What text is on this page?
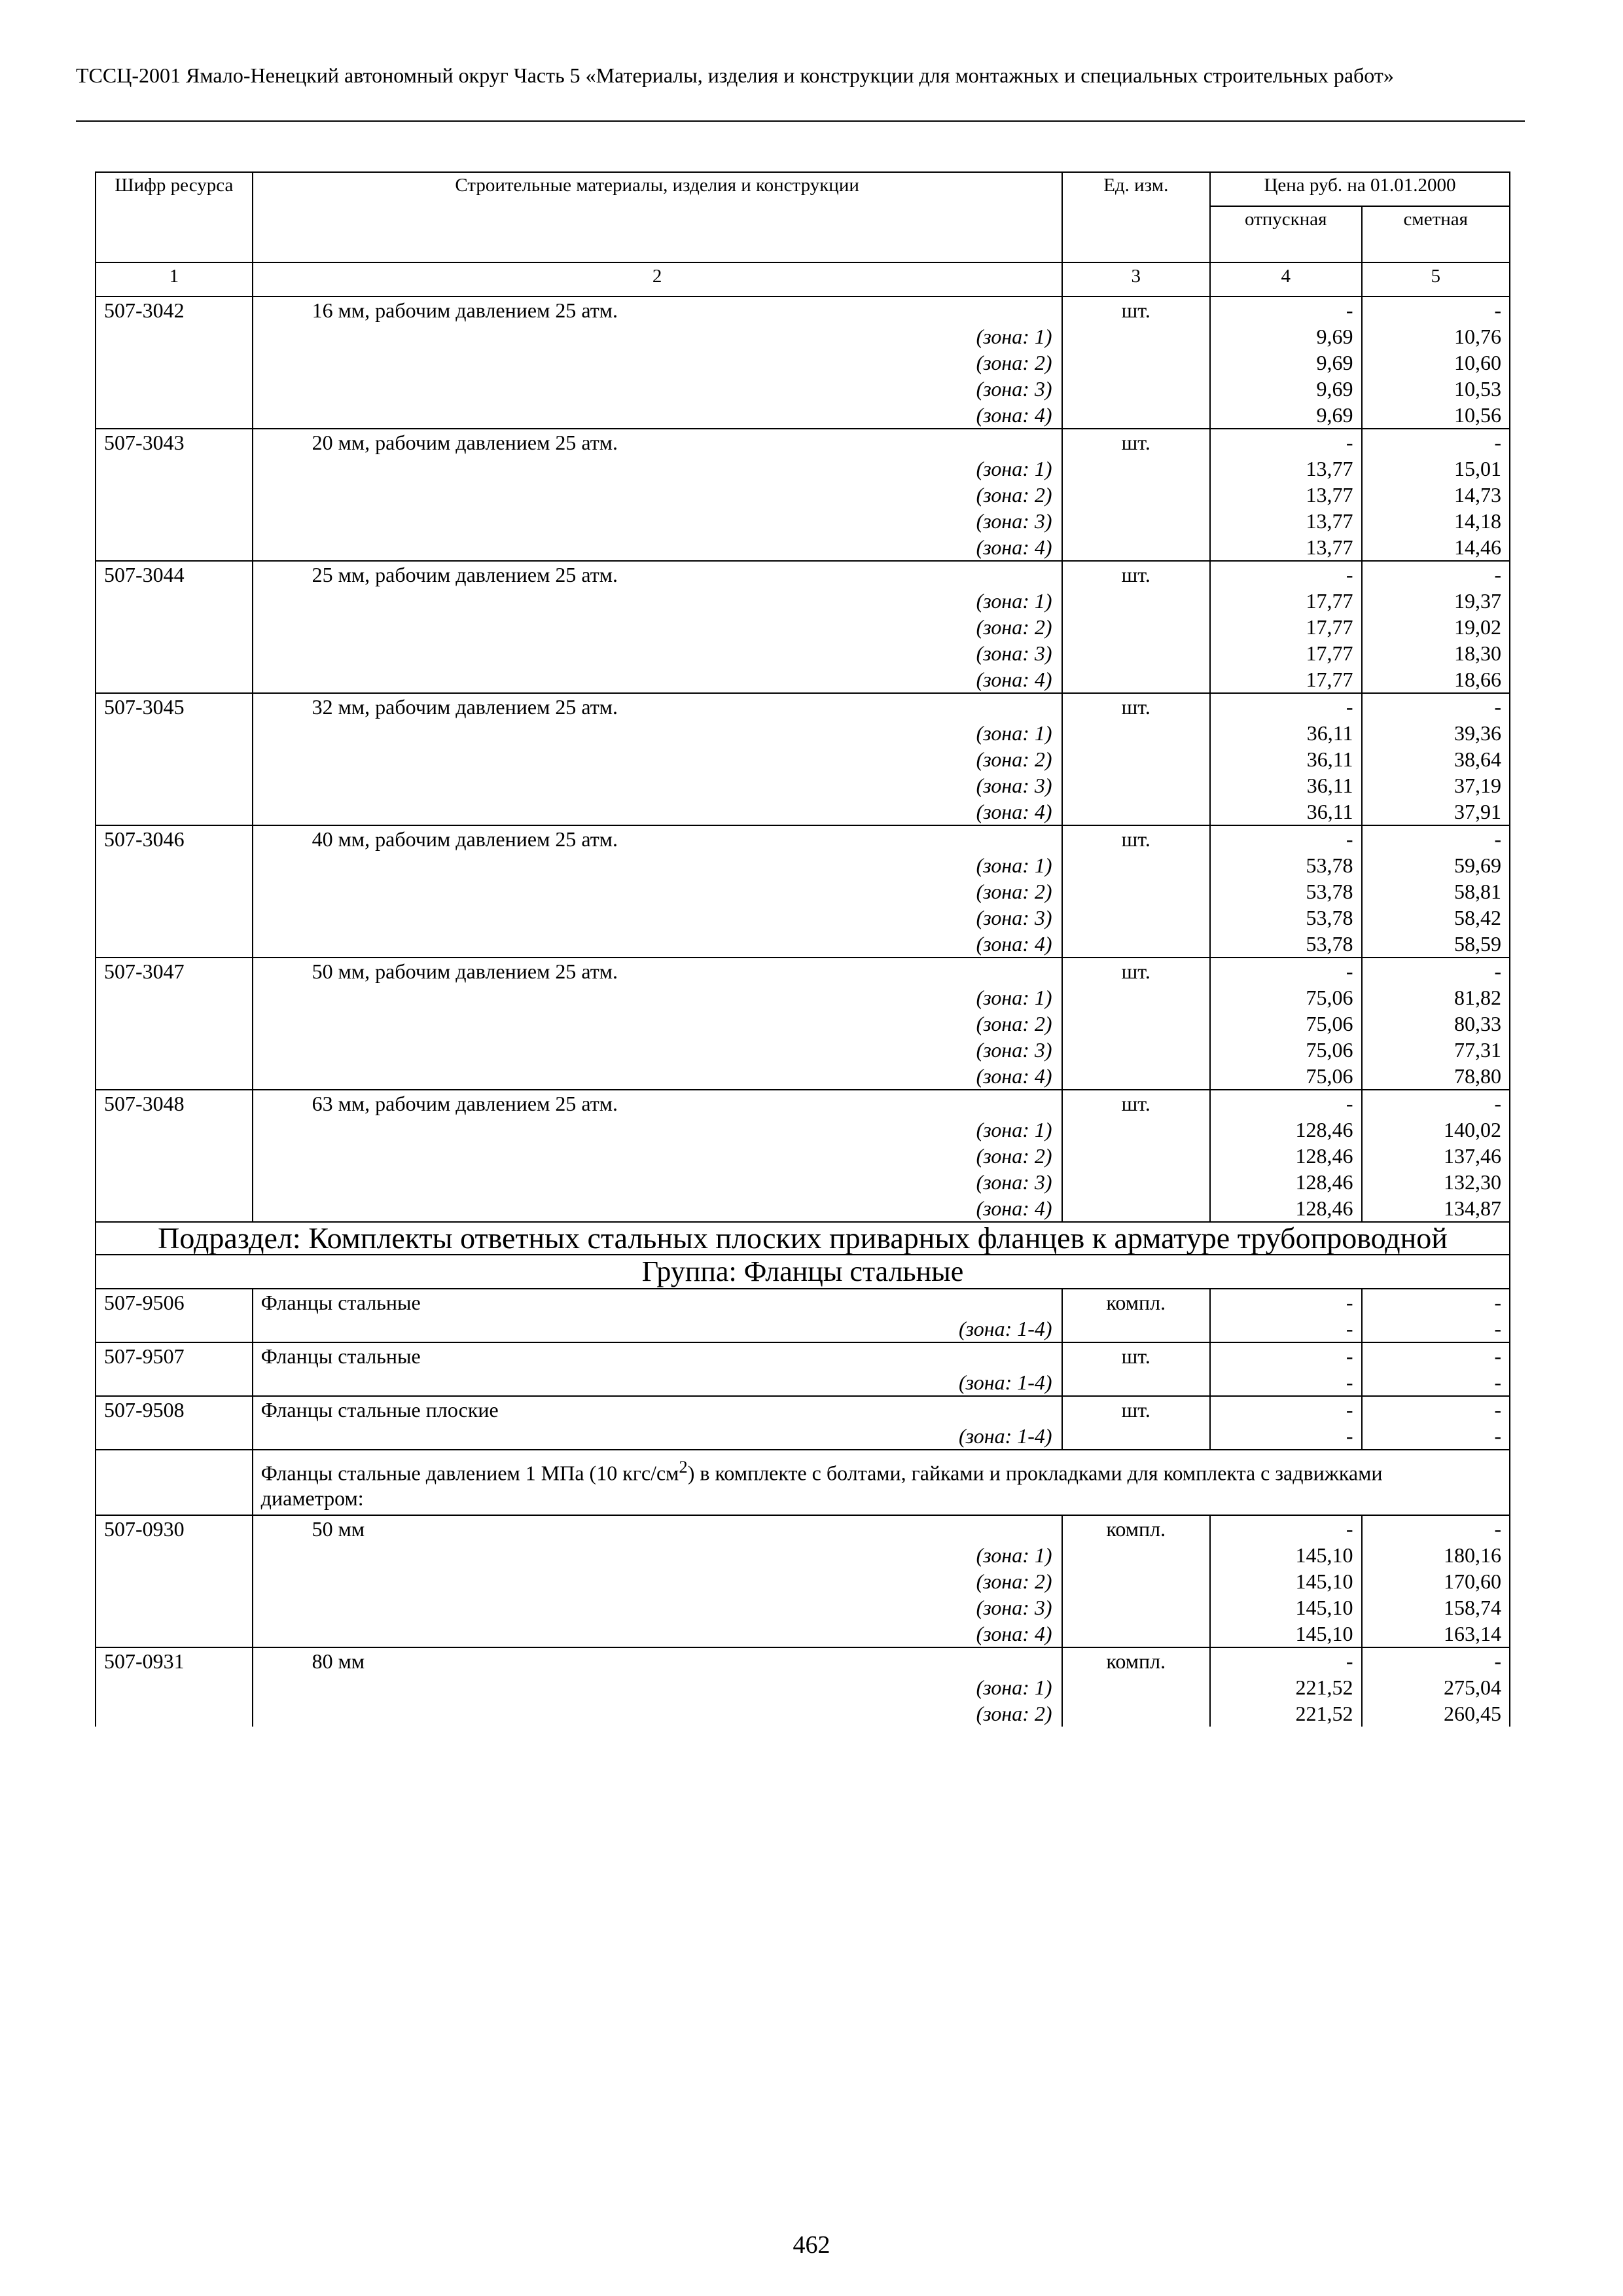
ТССЦ-2001 Ямало-Ненецкий автономный округ Часть 5 «Материалы, изделия и конструкции для монтажных и специальных строительных работ»
Шифр ресурса	Строительные материалы, изделия и конструкции	Ед. изм.	Цена руб. на 01.01.2000	
			отпускная	сметная
1	2	3	4	5
507-3042	16 мм, рабочим давлением 25 атм.	шт.	-	-
	(зона: 1)		9,69	10,76
	(зона: 2)		9,69	10,60
	(зона: 3)		9,69	10,53
	(зона: 4)		9,69	10,56
507-3043	20 мм, рабочим давлением 25 атм.	шт.	-	-
	(зона: 1)		13,77	15,01
	(зона: 2)		13,77	14,73
	(зона: 3)		13,77	14,18
	(зона: 4)		13,77	14,46
507-3044	25 мм, рабочим давлением 25 атм.	шт.	-	-
	(зона: 1)		17,77	19,37
	(зона: 2)		17,77	19,02
	(зона: 3)		17,77	18,30
	(зона: 4)		17,77	18,66
507-3045	32 мм, рабочим давлением 25 атм.	шт.	-	-
	(зона: 1)		36,11	39,36
	(зона: 2)		36,11	38,64
	(зона: 3)		36,11	37,19
	(зона: 4)		36,11	37,91
507-3046	40 мм, рабочим давлением 25 атм.	шт.	-	-
	(зона: 1)		53,78	59,69
	(зона: 2)		53,78	58,81
	(зона: 3)		53,78	58,42
	(зона: 4)		53,78	58,59
507-3047	50 мм, рабочим давлением 25 атм.	шт.	-	-
	(зона: 1)		75,06	81,82
	(зона: 2)		75,06	80,33
	(зона: 3)		75,06	77,31
	(зона: 4)		75,06	78,80
507-3048	63 мм, рабочим давлением 25 атм.	шт.	-	-
	(зона: 1)		128,46	140,02
	(зона: 2)		128,46	137,46
	(зона: 3)		128,46	132,30
	(зона: 4)		128,46	134,87
Подраздел: Комплекты ответных стальных плоских приварных фланцев к арматуре трубопроводной				
Группа: Фланцы стальные				
507-9506	Фланцы стальные	компл.	-	-
	(зона: 1-4)		-	-
507-9507	Фланцы стальные	шт.	-	-
	(зона: 1-4)		-	-
507-9508	Фланцы стальные плоские	шт.	-	-
	(зона: 1-4)		-	-
	Фланцы стальные давлением 1 МПа (10 кгс/$см^2$) в комплекте с болтами, гайками и прокладками для комплекта с задвижками диаметром:			
507-0930	50 мм	компл.	-	-
	(зона: 1)		145,10	180,16
	(зона: 2)		145,10	170,60
	(зона: 3)		145,10	158,74
	(зона: 4)		145,10	163,14
507-0931	80 мм	компл.	-	-
	(зона: 1)		221,52	275,04
	(зона: 2)		221,52	260,45
462
